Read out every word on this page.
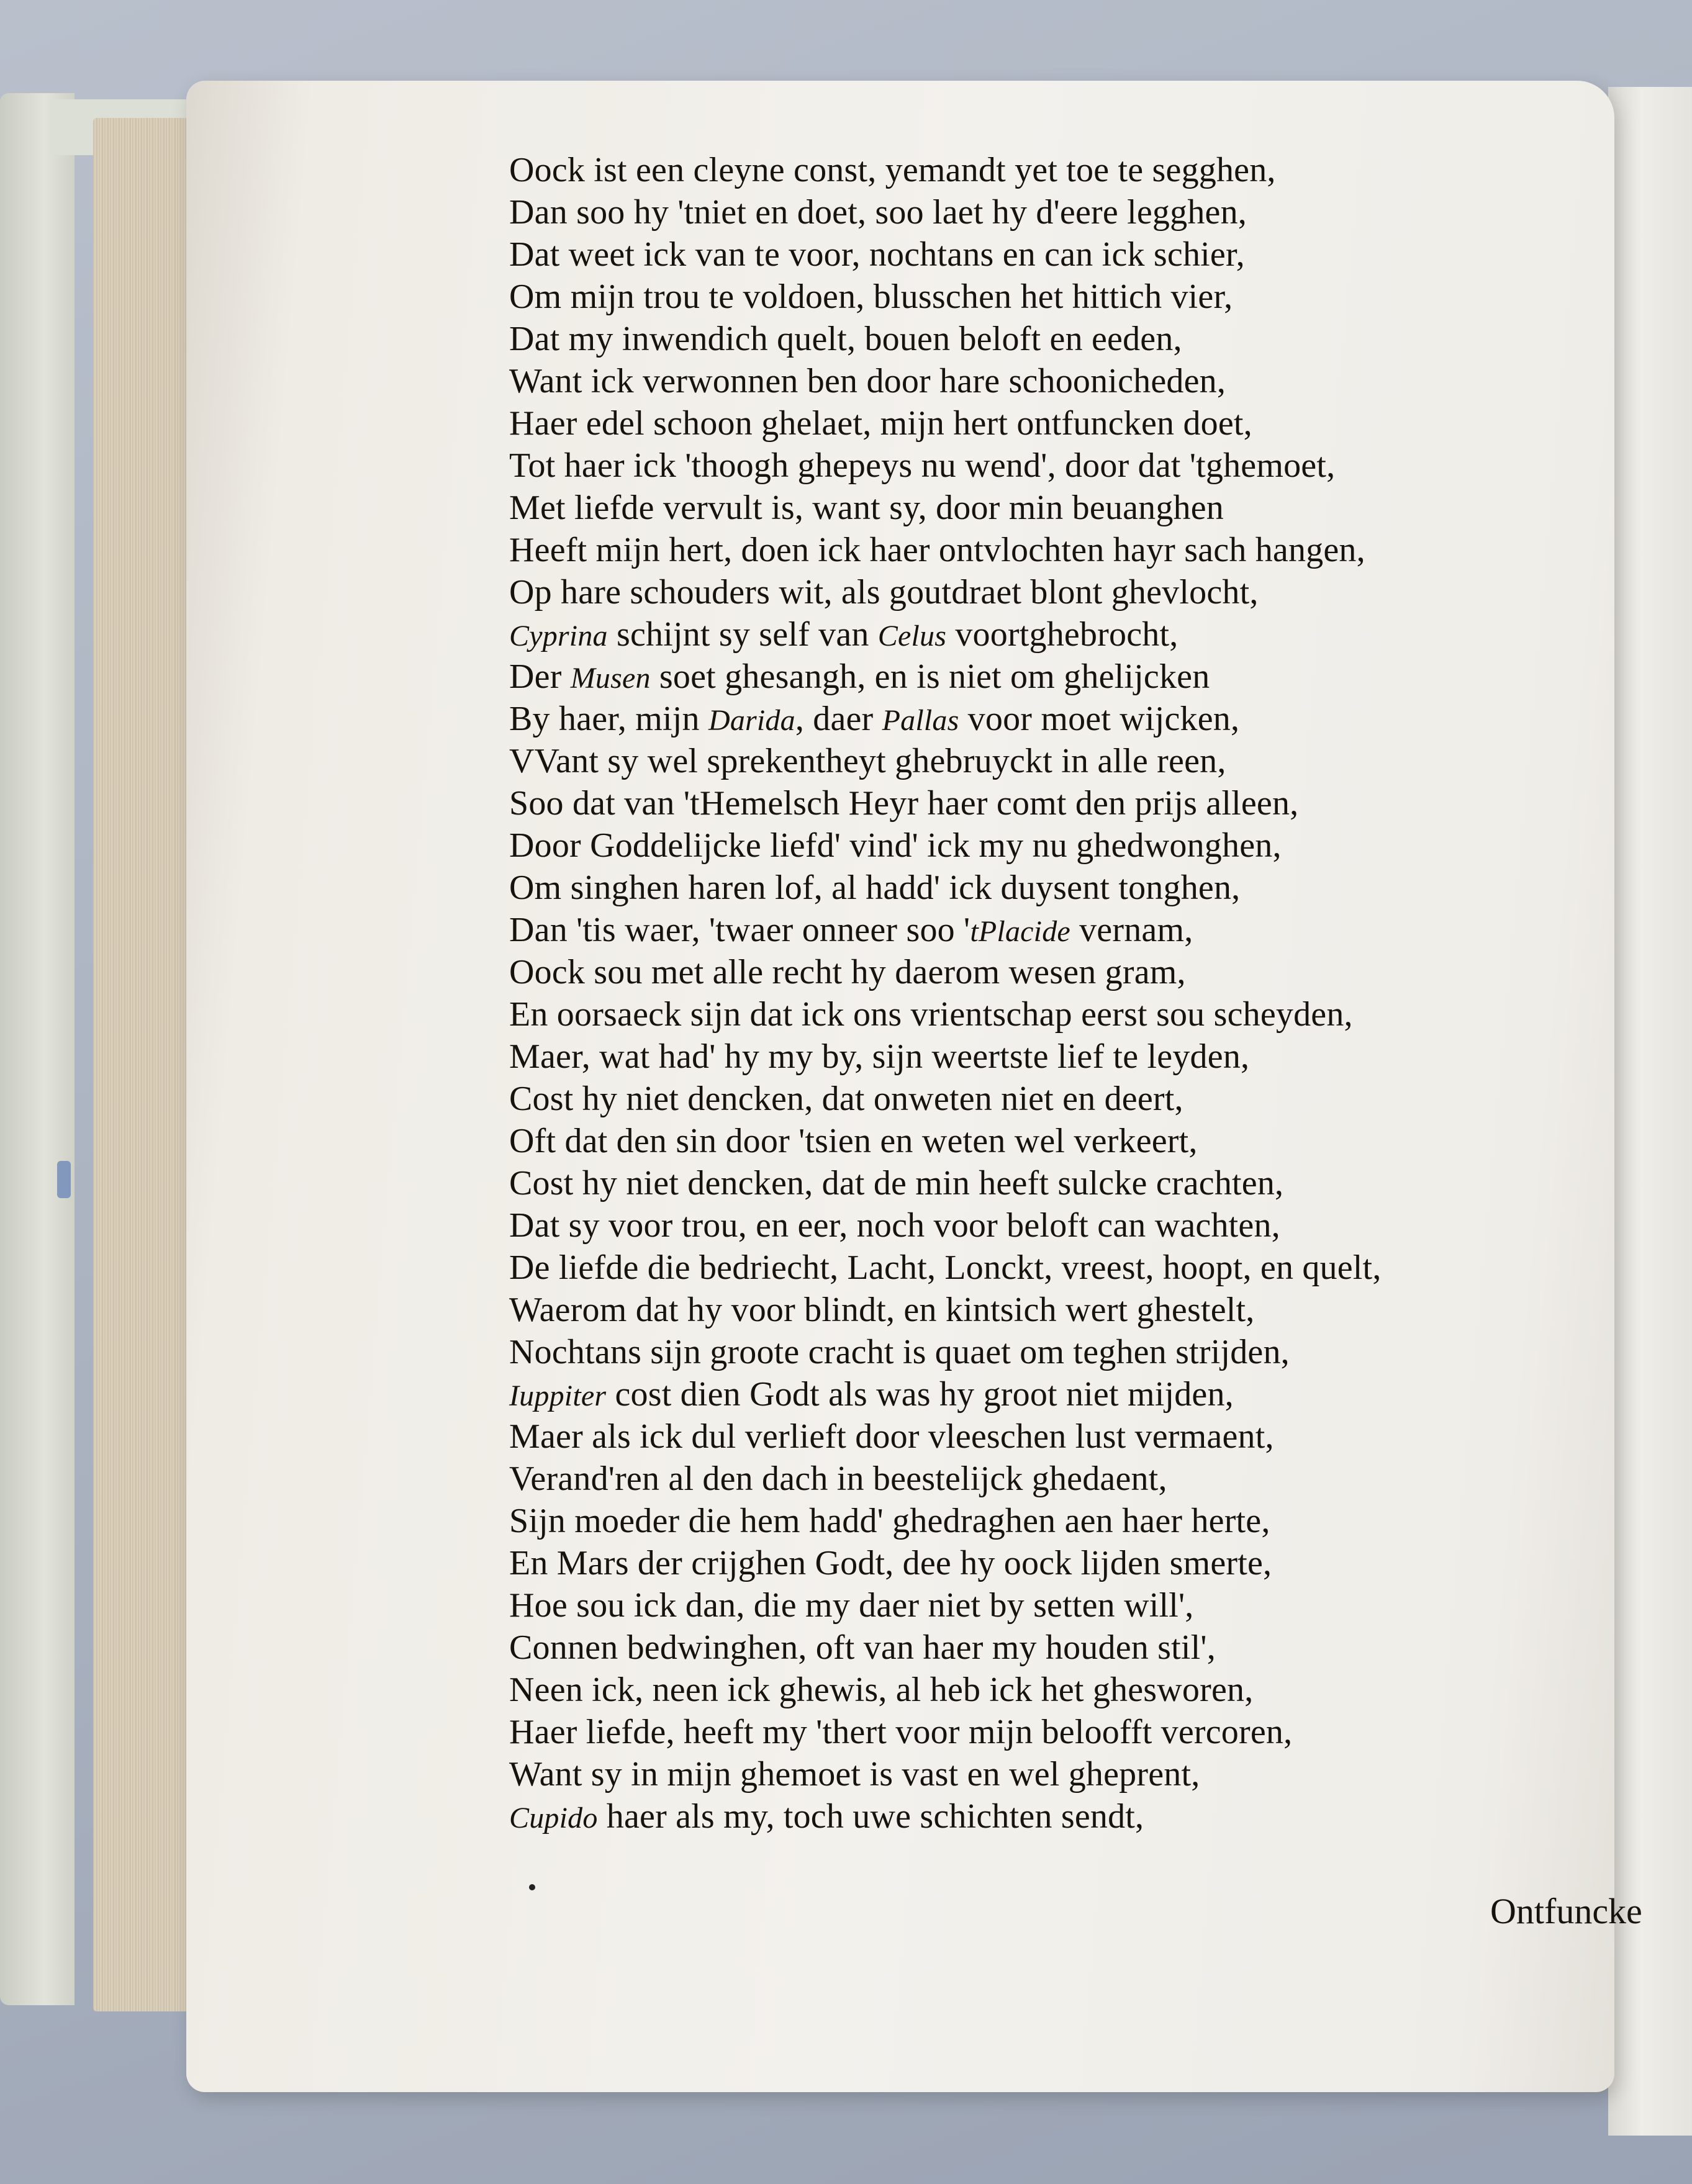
Oock ist een cleyne const, yemandt yet toe te segghen,
Dan soo hy 'tniet en doet, soo laet hy d'eere legghen,
Dat weet ick van te voor, nochtans en can ick schier,
Om mijn trou te voldoen, blusschen het hittich vier,
Dat my inwendich quelt, bouen beloft en eeden,
Want ick verwonnen ben door hare schoonicheden,
Haer edel schoon ghelaet, mijn hert ontfuncken doet,
Tot haer ick 'thoogh ghepeys nu wend', door dat 'tghemoet,
Met liefde vervult is, want sy, door min beuanghen
Heeft mijn hert, doen ick haer ontvlochten hayr sach hangen,
Op hare schouders wit, als goutdraet blont ghevlocht,
Cyprina schijnt sy self van Celus voortghebrocht,
Der Musen soet ghesangh, en is niet om ghelijcken
By haer, mijn Darida, daer Pallas voor moet wijcken,
VVant sy wel sprekentheyt ghebruyckt in alle reen,
Soo dat van 'tHemelsch Heyr haer comt den prijs alleen,
Door Goddelijcke liefd' vind' ick my nu ghedwonghen,
Om singhen haren lof, al hadd' ick duysent tonghen,
Dan 'tis waer, 'twaer onneer soo 'tPlacide vernam,
Oock sou met alle recht hy daerom wesen gram,
En oorsaeck sijn dat ick ons vrientschap eerst sou scheyden,
Maer, wat had' hy my by, sijn weertste lief te leyden,
Cost hy niet dencken, dat onweten niet en deert,
Oft dat den sin door 'tsien en weten wel verkeert,
Cost hy niet dencken, dat de min heeft sulcke crachten,
Dat sy voor trou, en eer, noch voor beloft can wachten,
De liefde die bedriecht, Lacht, Lonckt, vreest, hoopt, en quelt,
Waerom dat hy voor blindt, en kintsich wert ghestelt,
Nochtans sijn groote cracht is quaet om teghen strijden,
Iuppiter cost dien Godt als was hy groot niet mijden,
Maer als ick dul verlieft door vleeschen lust vermaent,
Verand'ren al den dach in beestelijck ghedaent,
Sijn moeder die hem hadd' ghedraghen aen haer herte,
En Mars der crijghen Godt, dee hy oock lijden smerte,
Hoe sou ick dan, die my daer niet by setten will',
Connen bedwinghen, oft van haer my houden stil',
Neen ick, neen ick ghewis, al heb ick het ghesworen,
Haer liefde, heeft my 'thert voor mijn beloofft vercoren,
Want sy in mijn ghemoet is vast en wel gheprent,
Cupido haer als my, toch uwe schichten sendt,
Ontfuncke
